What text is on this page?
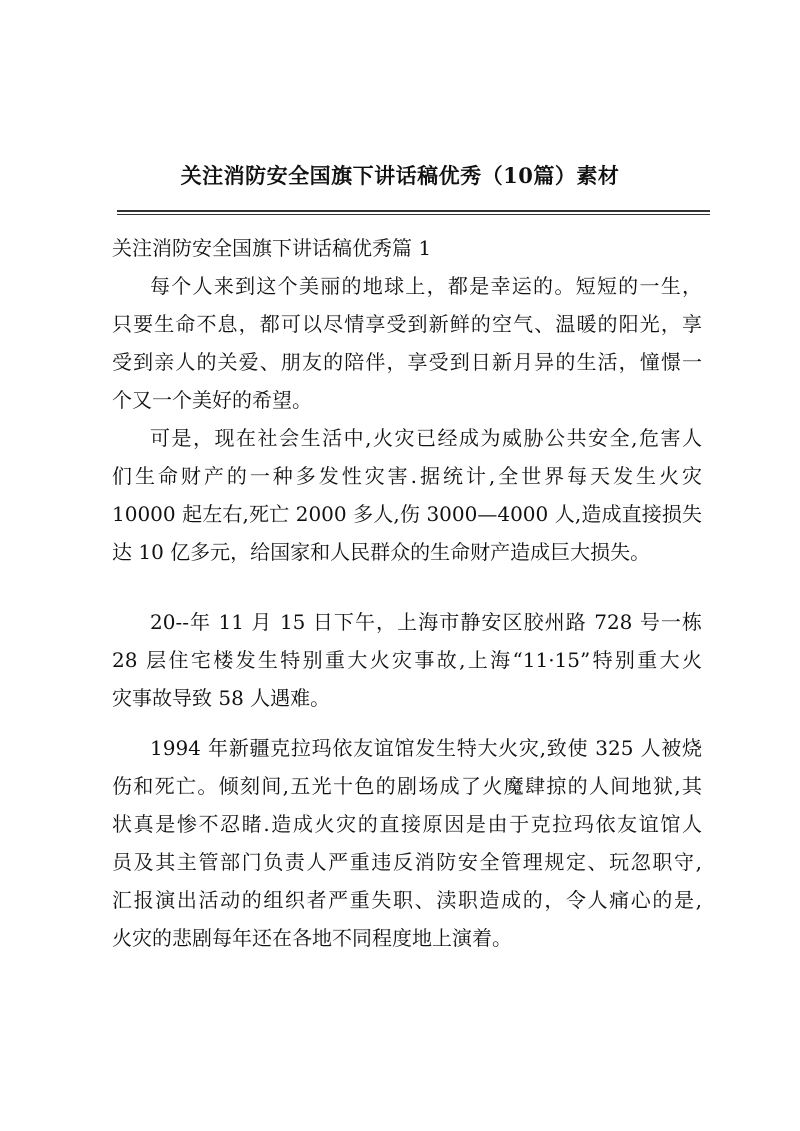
关注消防安全国旗下讲话稿优秀（10篇）素材
关注消防安全国旗下讲话稿优秀篇 1
每个人来到这个美丽的地球上，都是幸运的。短短的一生，
只要生命不息，都可以尽情享受到新鲜的空气、温暖的阳光，享
受到亲人的关爱、朋友的陪伴，享受到日新月异的生活，憧憬一
个又一个美好的希望。
可是，现在社会生活中,火灾已经成为威胁公共安全,危害人
们生命财产的一种多发性灾害.据统计,全世界每天发生火灾
10000 起左右,死亡 2000 多人,伤 3000—4000 人,造成直接损失
达 10 亿多元，给国家和人民群众的生命财产造成巨大损失。
20--年 11 月 15 日下午，上海市静安区胶州路 728 号一栋
28 层住宅楼发生特别重大火灾事故,上海“11·15”特别重大火
灾事故导致 58 人遇难。
1994 年新疆克拉玛依友谊馆发生特大火灾,致使 325 人被烧
伤和死亡。倾刻间,五光十色的剧场成了火魔肆掠的人间地狱,其
状真是惨不忍睹.造成火灾的直接原因是由于克拉玛依友谊馆人
员及其主管部门负责人严重违反消防安全管理规定、玩忽职守,
汇报演出活动的组织者严重失职、渎职造成的，令人痛心的是,
火灾的悲剧每年还在各地不同程度地上演着。
